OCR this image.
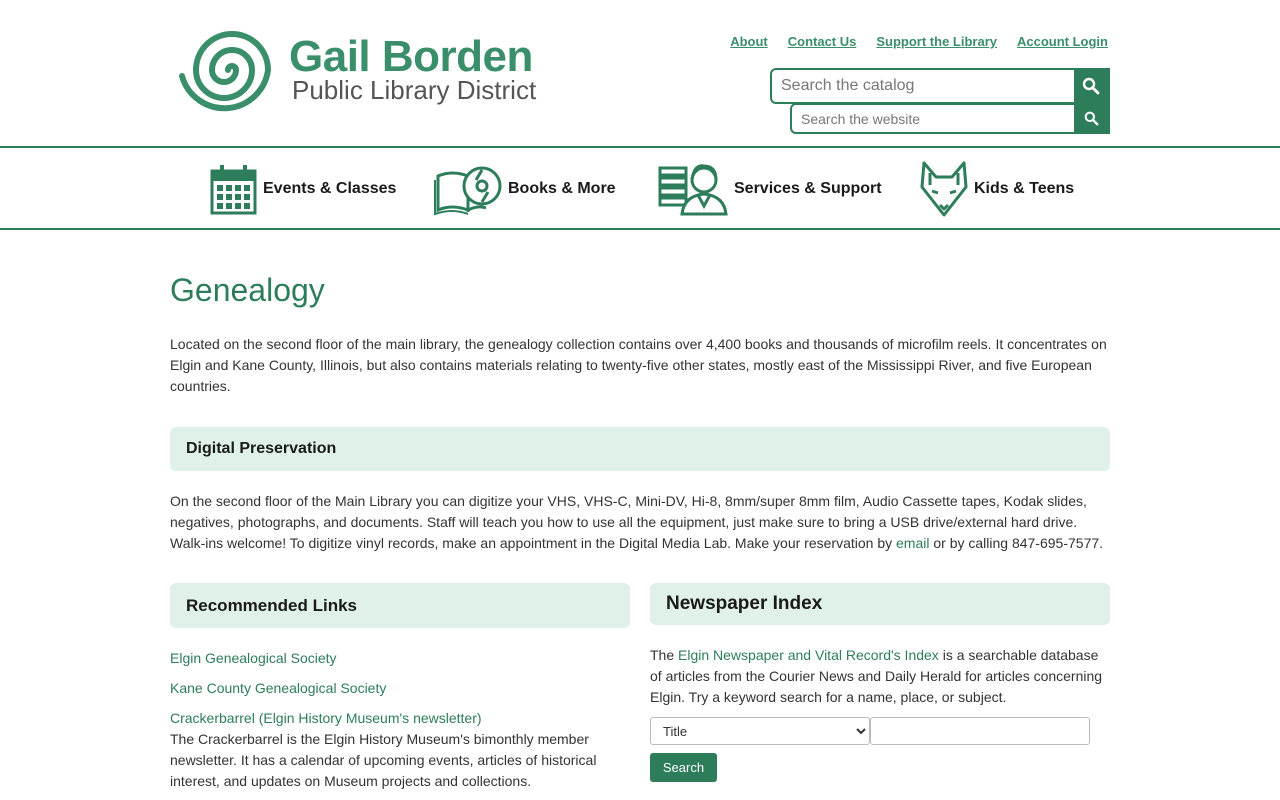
Gail Borden
Public Library District
About Contact Us Support the Library Account Login
Search the catalog
Search the website
Events & Classes	Books & More	Services & Support	Kids & Teens
Genealogy

Located on the second floor of the main library, the genealogy collection contains over 4,400 books and thousands of microfilm reels. It concentrates on Elgin and Kane County, Illinois, but also contains materials relating to twenty-five other states, mostly east of the Mississippi River, and five European countries.

Digital Preservation

On the second floor of the Main Library you can digitize your VHS, VHS-C, Mini-DV, Hi-8, 8mm/super 8mm film, Audio Cassette tapes, Kodak slides, negatives, photographs, and documents. Staff will teach you how to use all the equipment, just make sure to bring a USB drive/external hard drive. Walk-ins welcome! To digitize vinyl records, make an appointment in the Digital Media Lab. Make your reservation by email or by calling 847-695-7577.

Recommended Links
Elgin Genealogical Society
Kane County Genealogical Society
Crackerbarrel (Elgin History Museum's newsletter)

The Crackerbarrel is the Elgin History Museum's bimonthly member newsletter. It has a calendar of upcoming events, articles of historical interest, and updates on Museum projects and collections.

Newspaper Index

The Elgin Newspaper and Vital Record's Index is a searchable database of articles from the Courier News and Daily Herald for articles concerning Elgin. Try a keyword search for a name, place, or subject.

Title
Search
